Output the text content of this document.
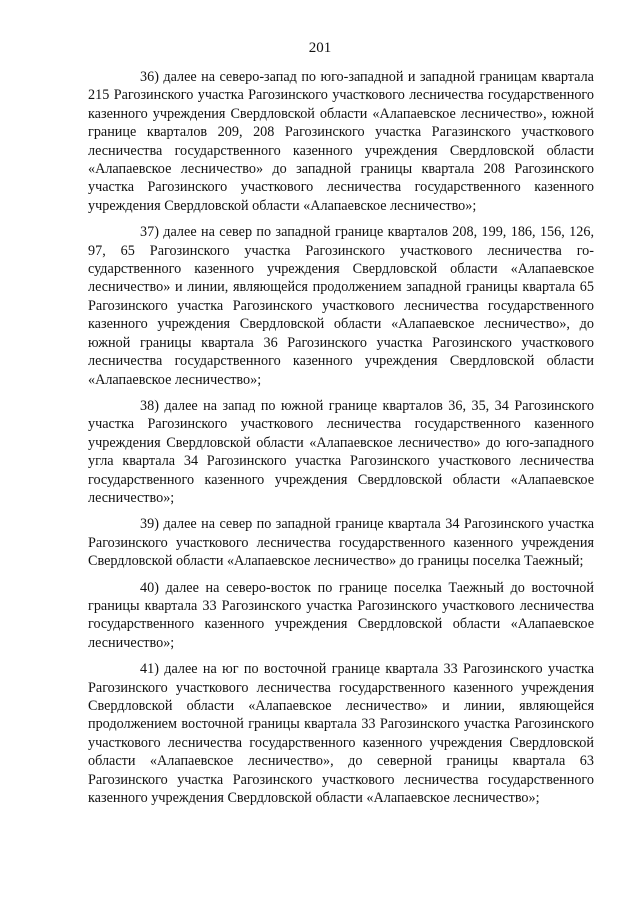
201

36) далее на северо-запад по юго-западной и западной границам квартала 215 Рагозинского участка Рагозинского участкового лесничества государственного казенного учреждения Свердловской области «Алапаевское лесничество», южной границе кварталов 209, 208 Рагозинского участка Рагазинского участкового лесничества государственного казенного учреждения Свердловской области «Алапаевское лесничество» до западной границы квартала 208 Рагозинского участка Рагозинского участкового лесничества государственного казенного учреждения Свердловской области «Алапаевское лесничество»;

37) далее на север по западной границе кварталов 208, 199, 186, 156, 126, 97, 65 Рагозинского участка Рагозинского участкового лесничества государственного казенного учреждения Свердловской области «Алапаевское лесничество» и линии, являющейся продолжением западной границы квартала 65 Рагозинского участка Рагозинского участкового лесничества государственного казенного учреждения Свердловской области «Алапаевское лесничество», до южной границы квартала 36 Рагозинского участка Рагозинского участкового лесничества государственного казенного учреждения Свердловской области «Алапаевское лесничество»;

38) далее на запад по южной границе кварталов 36, 35, 34 Рагозинского участка Рагозинского участкового лесничества государственного казенного учреждения Свердловской области «Алапаевское лесничество» до юго-западного угла квартала 34 Рагозинского участка Рагозинского участкового лесничества государственного казенного учреждения Свердловской области «Алапаевское лесничество»;

39) далее на север по западной границе квартала 34 Рагозинского участка Рагозинского участкового лесничества государственного казенного учреждения Свердловской области «Алапаевское лесничество» до границы поселка Таежный;

40) далее на северо-восток по границе поселка Таежный до восточной границы квартала 33 Рагозинского участка Рагозинского участкового лесничества государственного казенного учреждения Свердловской области «Алапаевское лесничество»;

41) далее на юг по восточной границе квартала 33 Рагозинского участка Рагозинского участкового лесничества государственного казенного учреждения Свердловской области «Алапаевское лесничество» и линии, являющейся продолжением восточной границы квартала 33 Рагозинского участка Рагозинского участкового лесничества государственного казенного учреждения Свердловской области «Алапаевское лесничество», до северной границы квартала 63 Рагозинского участка Рагозинского участкового лесничества государственного казенного учреждения Свердловской области «Алапаевское лесничество»;
